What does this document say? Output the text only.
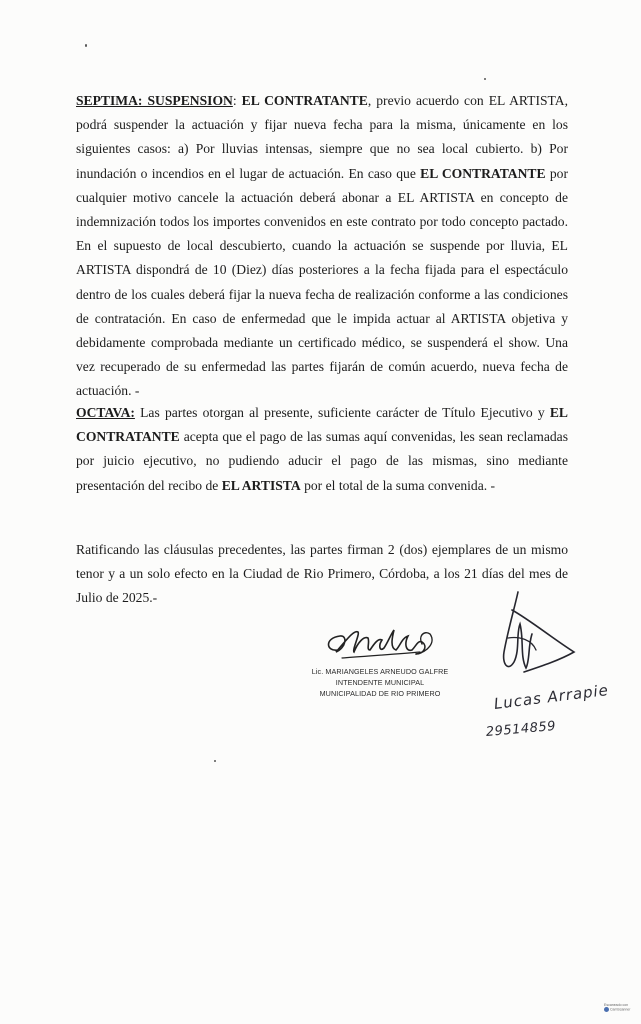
SEPTIMA: SUSPENSION: EL CONTRATANTE, previo acuerdo con EL ARTISTA, podrá suspender la actuación y fijar nueva fecha para la misma, únicamente en los siguientes casos: a) Por lluvias intensas, siempre que no sea local cubierto. b) Por inundación o incendios en el lugar de actuación. En caso que EL CONTRATANTE por cualquier motivo cancele la actuación deberá abonar a EL ARTISTA en concepto de indemnización todos los importes convenidos en este contrato por todo concepto pactado. En el supuesto de local descubierto, cuando la actuación se suspende por lluvia, EL ARTISTA dispondrá de 10 (Diez) días posteriores a la fecha fijada para el espectáculo dentro de los cuales deberá fijar la nueva fecha de realización conforme a las condiciones de contratación. En caso de enfermedad que le impida actuar al ARTISTA objetiva y debidamente comprobada mediante un certificado médico, se suspenderá el show. Una vez recuperado de su enfermedad las partes fijarán de común acuerdo, nueva fecha de actuación. -

OCTAVA: Las partes otorgan al presente, suficiente carácter de Título Ejecutivo y EL CONTRATANTE acepta que el pago de las sumas aquí convenidas, les sean reclamadas por juicio ejecutivo, no pudiendo aducir el pago de las mismas, sino mediante presentación del recibo de EL ARTISTA por el total de la suma convenida. -

Ratificando las cláusulas precedentes, las partes firman 2 (dos) ejemplares de un mismo tenor y a un solo efecto en la Ciudad de Rio Primero, Córdoba, a los 21 días del mes de Julio de 2025.-

Lic. MARIANGELES ARNEUDO GALFRE
INTENDENTE MUNICIPAL
MUNICIPALIDAD DE RIO PRIMERO	Lucas Arrapie
29514859
Escaneado con
CamScanner
